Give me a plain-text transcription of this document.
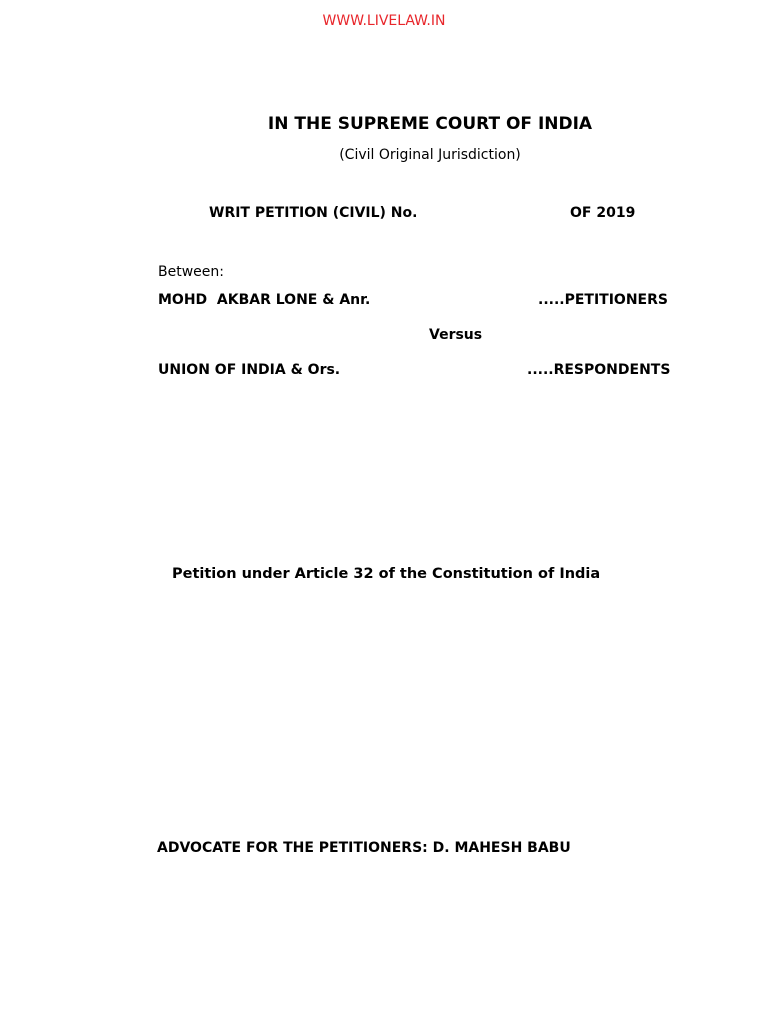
WWW.LIVELAW.IN
IN THE SUPREME COURT OF INDIA
(Civil Original Jurisdiction)
WRIT PETITION (CIVIL) No.	OF 2019
Between:
MOHD  AKBAR LONE & Anr.	.....PETITIONERS
Versus
UNION OF INDIA & Ors.	.....RESPONDENTS
Petition under Article 32 of the Constitution of India
ADVOCATE FOR THE PETITIONERS: D. MAHESH BABU
